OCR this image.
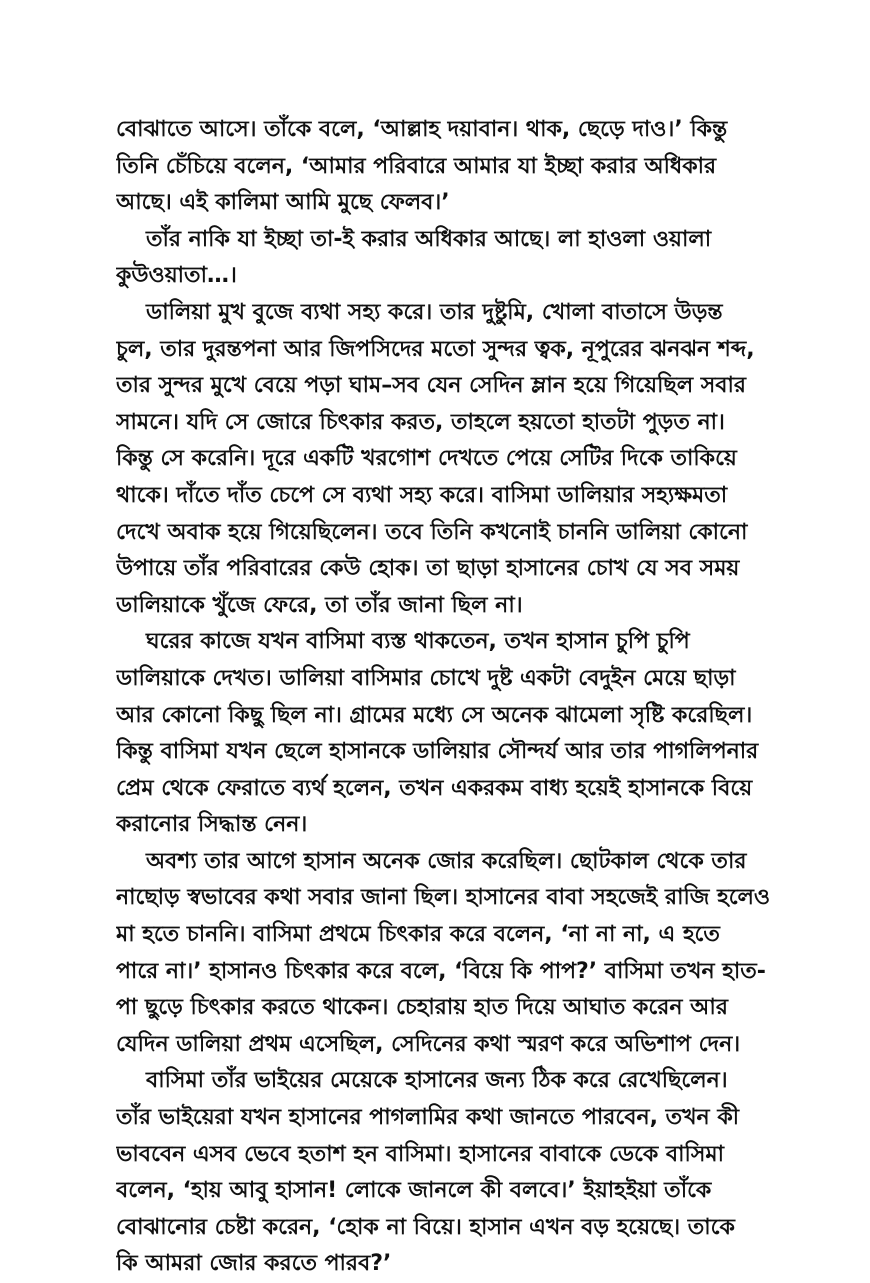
বোঝাতে আসে। তাঁকে বলে, ‘আল্লাহ দয়াবান। থাক, ছেড়ে দাও।’ কিন্তু
তিনি চেঁচিয়ে বলেন, ‘আমার পরিবারে আমার যা ইচ্ছা করার অধিকার
আছে। এই কালিমা আমি মুছে ফেলব।’
তাঁর নাকি যা ইচ্ছা তা-ই করার অধিকার আছে। লা হাওলা ওয়ালা
কুউওয়াতা…।
ডালিয়া মুখ বুজে ব্যথা সহ্য করে। তার দুষ্টুমি, খোলা বাতাসে উড়ন্ত
চুল, তার দুরন্তপনা আর জিপসিদের মতো সুন্দর ত্বক, নূপুরের ঝনঝন শব্দ,
তার সুন্দর মুখে বেয়ে পড়া ঘাম–সব যেন সেদিন ম্লান হয়ে গিয়েছিল সবার
সামনে। যদি সে জোরে চিৎকার করত, তাহলে হয়তো হাতটা পুড়ত না।
কিন্তু সে করেনি। দূরে একটি খরগোশ দেখতে পেয়ে সেটির দিকে তাকিয়ে
থাকে। দাঁতে দাঁত চেপে সে ব্যথা সহ্য করে। বাসিমা ডালিয়ার সহ্যক্ষমতা
দেখে অবাক হয়ে গিয়েছিলেন। তবে তিনি কখনোই চাননি ডালিয়া কোনো
উপায়ে তাঁর পরিবারের কেউ হোক। তা ছাড়া হাসানের চোখ যে সব সময়
ডালিয়াকে খুঁজে ফেরে, তা তাঁর জানা ছিল না।
ঘরের কাজে যখন বাসিমা ব্যস্ত থাকতেন, তখন হাসান চুপি চুপি
ডালিয়াকে দেখত। ডালিয়া বাসিমার চোখে দুষ্ট একটা বেদুইন মেয়ে ছাড়া
আর কোনো কিছু ছিল না। গ্রামের মধ্যে সে অনেক ঝামেলা সৃষ্টি করেছিল।
কিন্তু বাসিমা যখন ছেলে হাসানকে ডালিয়ার সৌন্দর্য আর তার পাগলিপনার
প্রেম থেকে ফেরাতে ব্যর্থ হলেন, তখন একরকম বাধ্য হয়েই হাসানকে বিয়ে
করানোর সিদ্ধান্ত নেন।
অবশ্য তার আগে হাসান অনেক জোর করেছিল। ছোটকাল থেকে তার
নাছোড় স্বভাবের কথা সবার জানা ছিল। হাসানের বাবা সহজেই রাজি হলেও
মা হতে চাননি। বাসিমা প্রথমে চিৎকার করে বলেন, ‘না না না, এ হতে
পারে না।’ হাসানও চিৎকার করে বলে, ‘বিয়ে কি পাপ?’ বাসিমা তখন হাত-
পা ছুড়ে চিৎকার করতে থাকেন। চেহারায় হাত দিয়ে আঘাত করেন আর
যেদিন ডালিয়া প্রথম এসেছিল, সেদিনের কথা স্মরণ করে অভিশাপ দেন।
বাসিমা তাঁর ভাইয়ের মেয়েকে হাসানের জন্য ঠিক করে রেখেছিলেন।
তাঁর ভাইয়েরা যখন হাসানের পাগলামির কথা জানতে পারবেন, তখন কী
ভাববেন এসব ভেবে হতাশ হন বাসিমা। হাসানের বাবাকে ডেকে বাসিমা
বলেন, ‘হায় আবু হাসান! লোকে জানলে কী বলবে।’ ইয়াহইয়া তাঁকে
বোঝানোর চেষ্টা করেন, ‘হোক না বিয়ে। হাসান এখন বড় হয়েছে। তাকে
কি আমরা জোর করতে পারব?’
